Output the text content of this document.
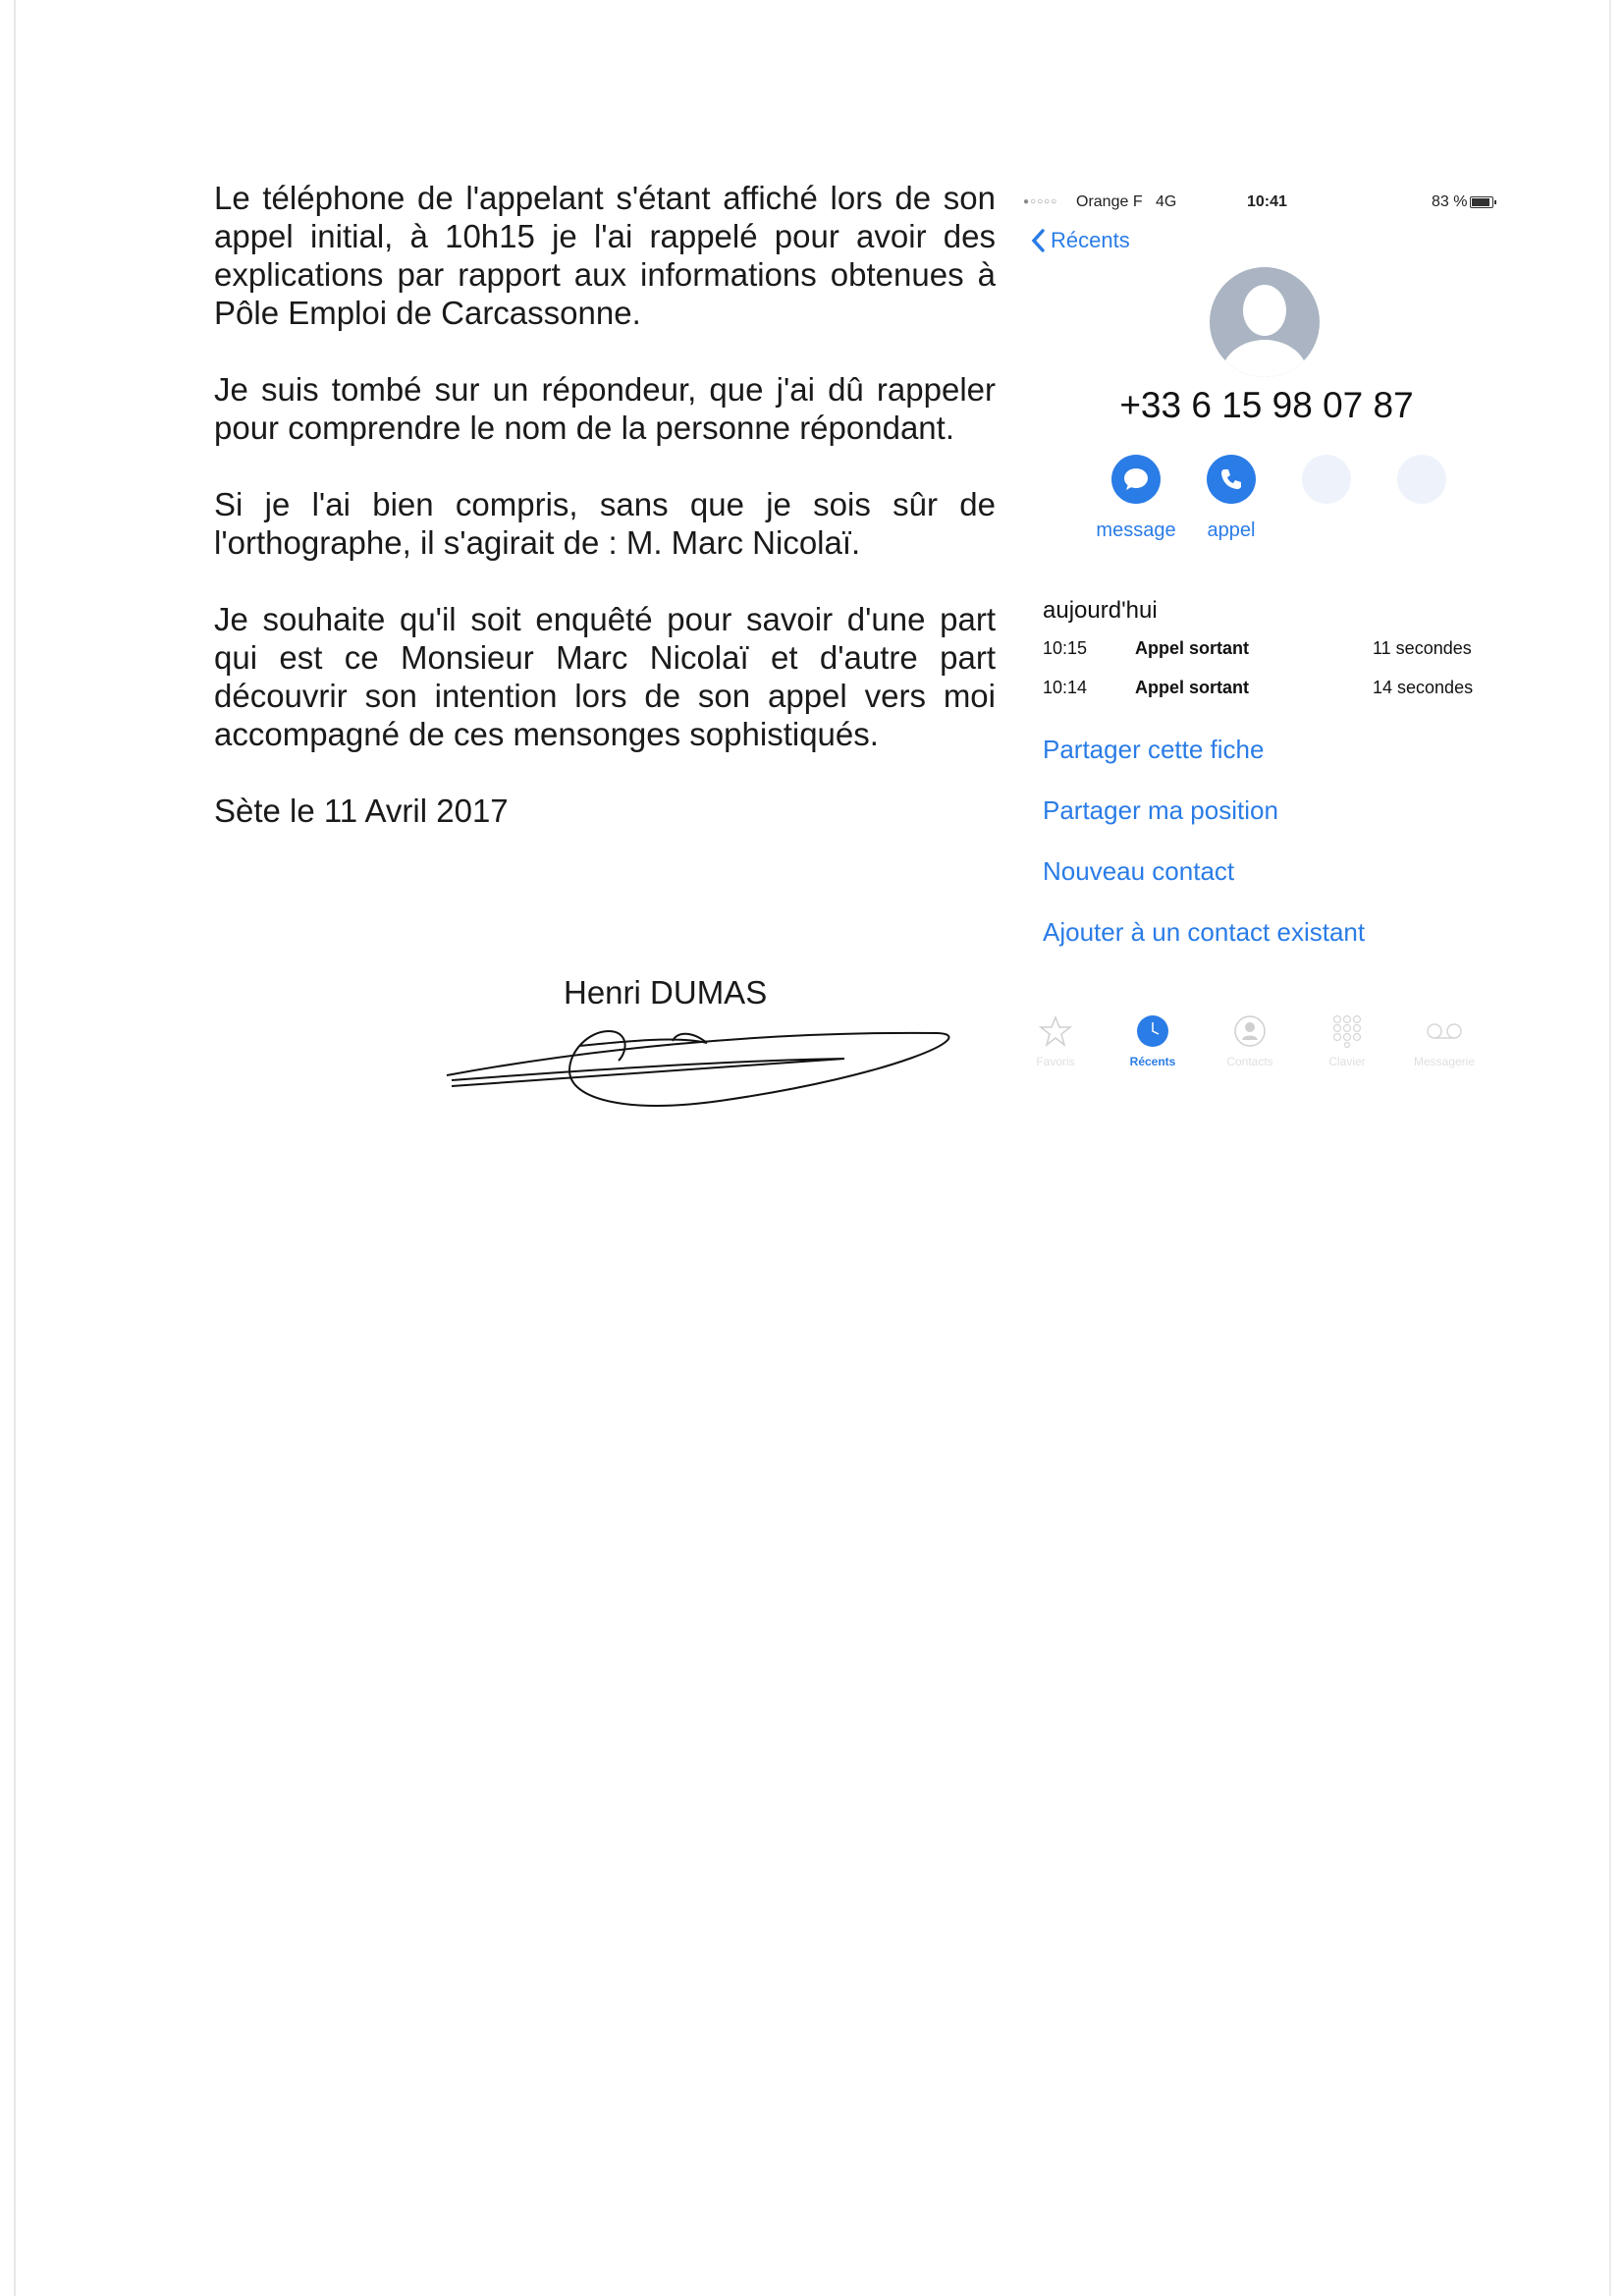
Le téléphone de l'appelant s'étant affiché lors de son appel initial, à 10h15 je l'ai rappelé pour avoir des explications par rapport aux informations obtenues à Pôle Emploi de Carcassonne.

Je suis tombé sur un répondeur, que j'ai dû rappeler pour comprendre le nom de la personne répondant.

Si je l'ai bien compris, sans que je sois sûr de l'orthographe, il s'agirait de : M. Marc Nicolaï.

Je souhaite qu'il soit enquêté pour savoir d'une part qui est ce Monsieur Marc Nicolaï et d'autre part découvrir son intention lors de son appel vers moi accompagné de ces mensonges sophistiqués.

Sète le 11 Avril 2017

Henri DUMAS
●○○○○ Orange F 4G	10:41	83 %
Récents
+33 6 15 98 07 87
message	appel
aujourd'hui
10:15	Appel sortant	11 secondes
10:14	Appel sortant	14 secondes
Partager cette fiche
Partager ma position
Nouveau contact
Ajouter à un contact existant
Favoris	Récents	Contacts	Clavier	Messagerie
